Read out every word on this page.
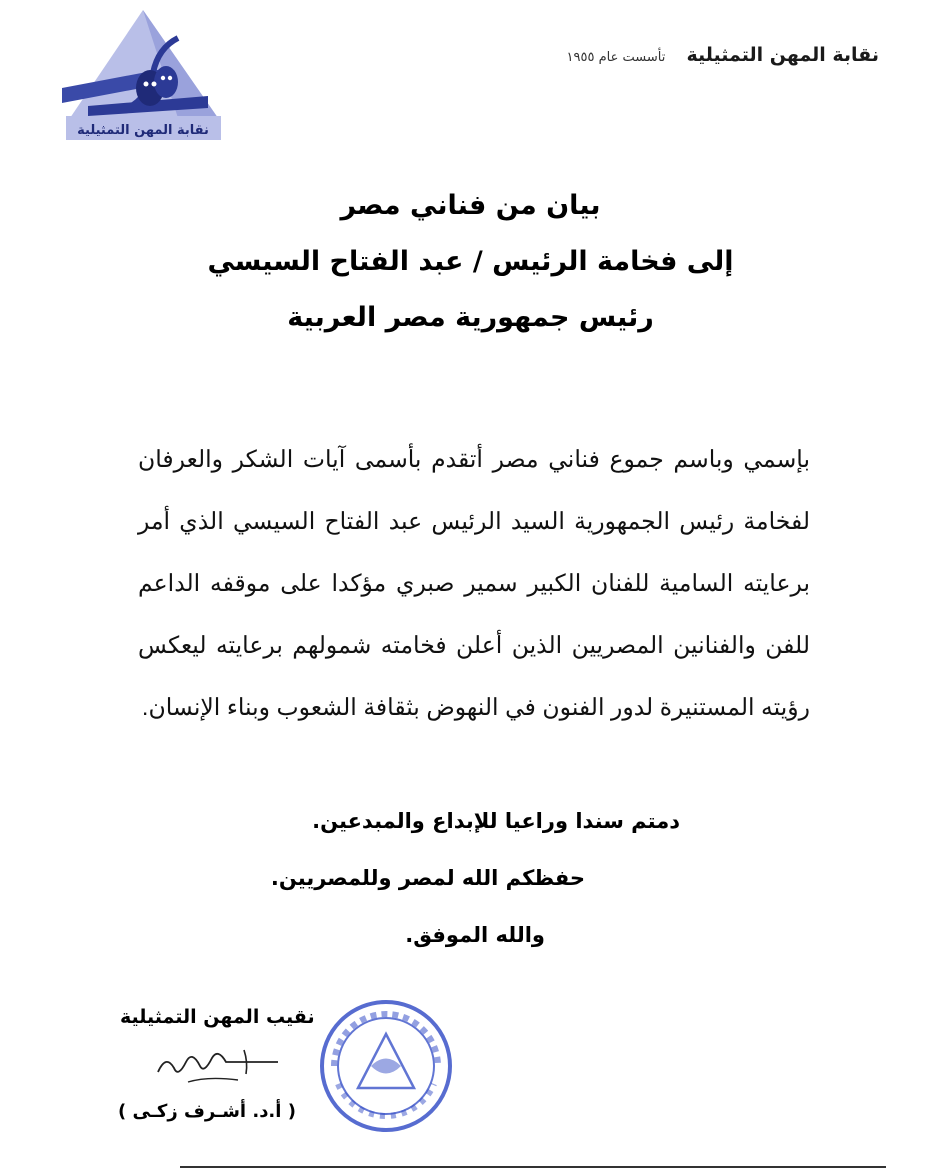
نقابة المهن التمثيلية
نقابة المهن التمثيلية تأسست عام ١٩٥٥
بيان من فناني مصر
إلى فخامة الرئيس / عبد الفتاح السيسي
رئيس جمهورية مصر العربية
بإسمي وباسم جموع فناني مصر أتقدم بأسمى آيات الشكر والعرفان لفخامة رئيس الجمهورية السيد الرئيس عبد الفتاح السيسي الذي أمر برعايته السامية للفنان الكبير سمير صبري مؤكدا على موقفه الداعم للفن والفنانين المصريين الذين أعلن فخامته شمولهم برعايته ليعكس رؤيته المستنيرة لدور الفنون في النهوض بثقافة الشعوب وبناء الإنسان.
دمتم سندا وراعيا للإبداع والمبدعين.
حفظكم الله لمصر وللمصريين.
والله الموفق.
نقيب المهن التمثيلية
( أ.د. أشـرف زكـى )
